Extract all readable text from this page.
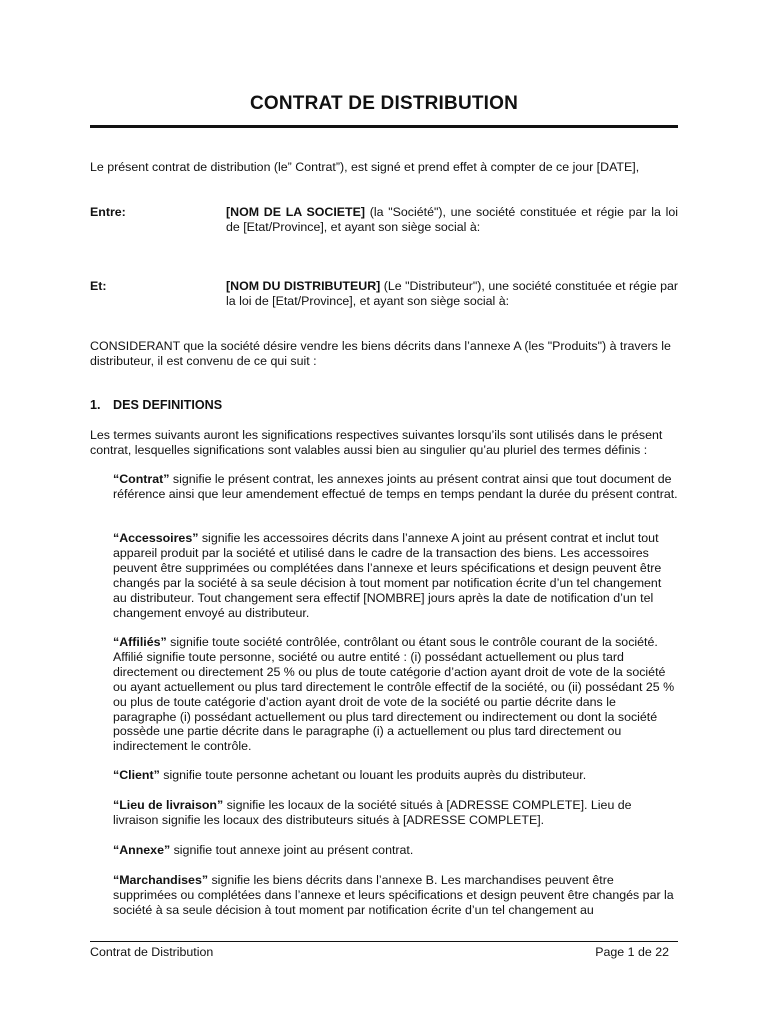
CONTRAT DE DISTRIBUTION
Le présent contrat de distribution (le” Contrat”), est signé et prend effet à compter de ce jour [DATE],
Entre:	[NOM DE LA SOCIETE] (la "Société"), une société constituée et régie par la loi de [Etat/Province], et ayant son siège social à:
Et:	[NOM DU DISTRIBUTEUR] (Le "Distributeur"), une société constituée et régie par la loi de [Etat/Province], et ayant son siège social à:
CONSIDERANT que la société désire vendre les biens décrits dans l’annexe A (les "Produits") à travers le distributeur, il est convenu de ce qui suit :
1. DES DEFINITIONS
Les termes suivants auront les significations respectives suivantes lorsqu’ils sont utilisés dans le présent contrat, lesquelles significations sont valables aussi bien au singulier qu’au pluriel des termes définis :
“Contrat” signifie le présent contrat, les annexes joints au présent contrat ainsi que tout document de référence ainsi que leur amendement effectué de temps en temps pendant la durée du présent contrat.
“Accessoires” signifie les accessoires décrits dans l’annexe A joint au présent contrat et inclut tout appareil produit par la société et utilisé dans le cadre de la transaction des biens. Les accessoires peuvent être supprimées ou complétées dans l’annexe et leurs spécifications et design peuvent être changés par la société à sa seule décision à tout moment par notification écrite d’un tel changement au distributeur. Tout changement sera effectif [NOMBRE] jours après la date de notification d’un tel changement envoyé au distributeur.
“Affiliés” signifie toute société contrôlée, contrôlant ou étant sous le contrôle courant de la société. Affilié signifie toute personne, société ou autre entité : (i) possédant actuellement ou plus tard directement ou directement 25 % ou plus de toute catégorie d’action ayant droit de vote de la société ou ayant actuellement ou plus tard directement le contrôle effectif de la société, ou (ii) possédant 25 % ou plus de toute catégorie d’action ayant droit de vote de la société ou partie décrite dans le paragraphe (i) possédant actuellement ou plus tard directement ou indirectement ou dont la société possède une partie décrite dans le paragraphe (i) a actuellement ou plus tard directement ou indirectement le contrôle.
“Client” signifie toute personne achetant ou louant les produits auprès du distributeur.
“Lieu de livraison” signifie les locaux de la société situés à [ADRESSE COMPLETE]. Lieu de livraison signifie les locaux des distributeurs situés à [ADRESSE COMPLETE].
“Annexe” signifie tout annexe joint au présent contrat.
“Marchandises” signifie les biens décrits dans l’annexe B. Les marchandises peuvent être supprimées ou complétées dans l’annexe et leurs spécifications et design peuvent être changés par la société à sa seule décision à tout moment par notification écrite d’un tel changement au
Contrat de Distribution	Page 1 de 22
